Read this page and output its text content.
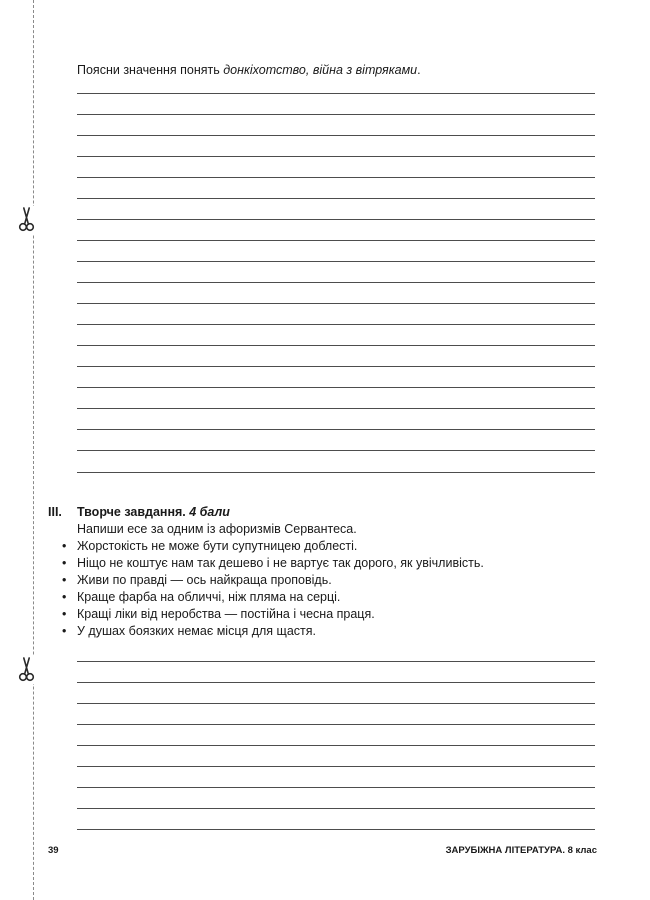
Поясни значення понять донкіхотство, війна з вітряками.
III. Творче завдання. 4 бали
Напиши есе за одним із афоризмів Сервантеса.
• Жорстокість не може бути супутницею доблесті.
• Ніщо не коштує нам так дешево і не вартує так дорого, як увічливість.
• Живи по правді — ось найкраща проповідь.
• Краще фарба на обличчі, ніж пляма на серці.
• Кращі ліки від неробства — постійна і чесна праця.
• У душах боязких немає місця для щастя.
39	ЗАРУБІЖНА ЛІТЕРАТУРА. 8 клас
